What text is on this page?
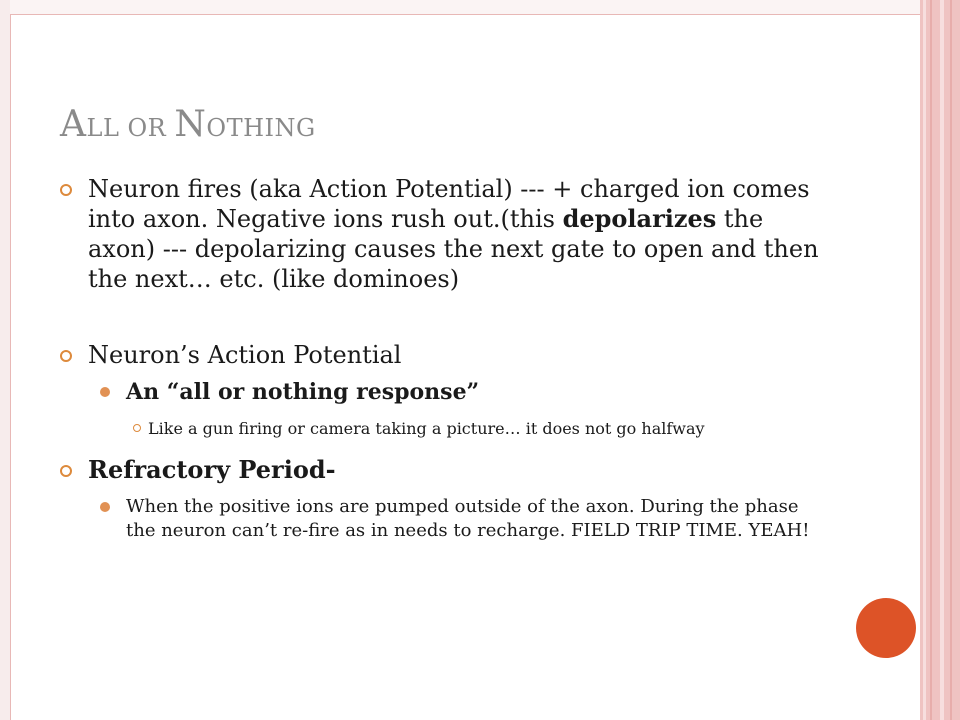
ALL OR NOTHING
Neuron fires (aka Action Potential) --- + charged ion comes into axon. Negative ions rush out.(this depolarizes the axon) --- depolarizing causes the next gate to open and then the next… etc. (like dominoes)
Neuron’s Action Potential
An “all or nothing response”
Like a gun firing or camera taking a picture… it does not go halfway
Refractory Period-
When the positive ions are pumped outside of the axon. During the phase the neuron can’t re-fire as in needs to recharge. FIELD TRIP TIME. YEAH!
